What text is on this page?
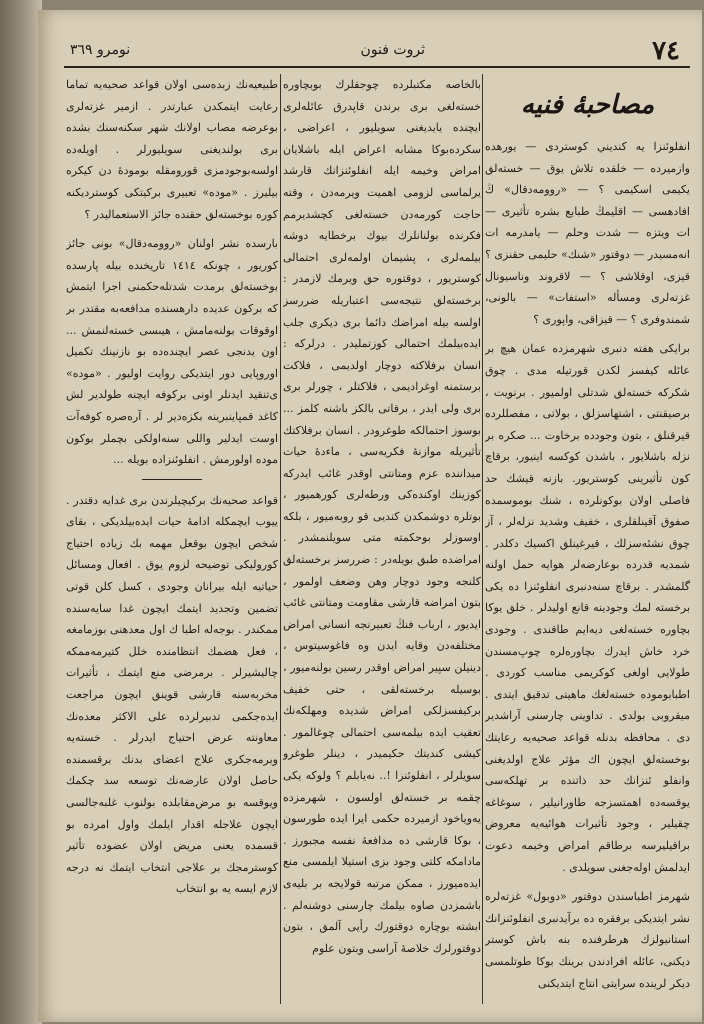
٧٤
ثروت فنون
نومرو ٣٦٩
مصاحبهٔ فنیه

انفلوئنزا يه كنديني كوستردى — يورهده وازميرده — خلقده تلاش يوق — خسته‌لق يكيمى اسكيمى ؟ — «روومه‌دقال» ڭ افادهسى — اقليمڭ طبايع بشره تأثيرى — ات ويتزه — شدت وحلم — يامدرمه ات انه‌مسيدر — دوقتور «شنك» حليمى حقنزى ؟ قيزى، اوقلاشى ؟ — لاقروند وناسيونال غزته‌لرى ومسأله‌ «استفات» — بالونى، شمندوفرى ؟ — قيزاقى، واپورى ؟

برايكى هفته دنبرى شهرمزده عمان هيچ بر عائله كيفسز لكدن قورتيله مدى . چوق شكركه خسته‌لق شدتلى اولميور . برنويت ، برصيقنتى ، اشتهاسزلق ، بولاتى ، مفصللرده قيرقنلق ، بتون وجودده برخاوت ... صكره بر نزله باشلايور ، باشدن كوكسه اينيور، برقاچ كون تأثيرينى كوستريور. بازنه قيشك حد فاصلى اولان بوكونلرده ، شنك بوموسمده صفوق آقينلقلرى ، خفيف وشديد نزله‌لر ، آز چوق نشئه‌سزلك ، قيرغينلق اكسيك دكلدر . شمديه قدرده بوعارضه‌لر هوايه حمل اولنه گلمشدر . برقاچ سنه‌دنبرى انفلوئنزا ده يكى برخسته لمك وجودينه قانع اوليدلر . خلق يوكا بچاوره خسته‌لغى ديه‌ايم طاقندى . وجودى خرد خاش ايدرك بچاوره‌لره چوپ‌مسندن طولايى اولغى كوكريمى مناسب كوردى . اطبابوموده خسته‌لغك ماهيتى تدقيق ايتدى . ميقروبى بولدى . تداوينى چارسنى آراشدير دى . محافظه بدنله قواعد صحيه‌يه رعايتك بوخسته‌لق ايچون اك مؤثر علاج اولديغنى وانفلو ئنزانك حد ذاتنده بر تهلكه‌سى يوقسه‌ده اهمتسزجه طاورانيلير ، سوغاغه چقيلير ، وجود تأثيرات هوائيه‌يه معروض براقيليرسه برطاقم امراض وخيمه دعوت ايدلمش اوله‌جغنى سويلدى .

شهرمز اطباسندن دوقتور «دوبول» غزته‌لره نشر ايتديكى برفقره ده برآيدنبرى انفلوئنزانك استانبولزك هرطرفنده بنه باش كوستر ديكنى، عائله افرادندن برينك بوكا طوتلمسى ديكر لرينده سرايتى انتاج ايتديكنى

بالخاصه مكتبلرده چوجقلرك بوبچاوره خسته‌لغى برى برندن قاپدرق عائله‌لرى ايچنده يايديغنى سويليور ، اعراضى ، سكرده‌بوكا مشابه اعراض ايله باشلايان امراض وخيمه ايله انفلوئنزانك قارشد يرلماسى لزومى اهميت ويرمه‌دن ، وقته حاجت كورمه‌دن خسته‌لغى كچشديرمم فكرنده بولنانلرك بيوك برخطايه دوشه بيلمه‌لرى ، پشيمان اولمه‌لرى احتمالى كوستريور ، دوقتوره حق ويرمك لازمدر : برخسته‌لق نتيجه‌سى اعتباريله ضررسز اولسه بيله امراضك دائما برى ديكرى جلب ايده‌بيلمك احتمالى كوزتمليدر . درلركه : انسان برفلاكته دوچار اولديمى ، فلاكت برستمنه اوغراديمى ، فلاكتلر ، چورلر برى برى ولى ايدر ، برقاتى بالكز باشنه كلمز ... بوسوز احتمالكه طوغرودر . انسان برفلاكتك تأثيريله موازنهٔ فكريه‌سى ، ماءدهٔ حيات ميداننده عزم ومتانتى اوقدر غائب ايدركه كوزينك اوكنده‌كى ورطه‌لرى كورهميور ، بوتلره دوشمكدن كنديى قو روبه‌ميور ، بلكه اوسوزلر بوحكمته متى سويلنمشدر . امراضده طبق بويله‌در : ضررسز برخسته‌لق كلنجه وجود دوچار وهن وضعف اولمور ، بتون امراضه قارشى مقاومت ومتانتى غائب ايديور ، ارباب فنڭ تعبيرنجه انسانى امراض مختلفه‌دن وقايه ايدن وه فاغوسيتوس ، دينيلن سپير امراض اوقدر رسين بولنه‌ميور ، بوسيله برخسته‌لقى ، حتى خفيف بركيفسزلكى امراض شديده ومهلكه‌نك تعقيب ايده بيلمه‌سى احتمالى چوغالمور . كيشى كنديتك حكيميدر ، دينلر طوغرو سويلرلر ، انفلوئنزا !.. نه‌يابلم ؟ ولوكه يكى چقمه بر خسته‌لق اولسون ، شهرمزده يه‌وياخود ازميرده حكمى ايرا ايده طورسون ، بوكا قارشى ده مدافعهٔ نفسه مجبورز . مادامكه كلتى وجود بزى استيلا ايلمسى منع ايده‌ميورز ، ممكن مرتبه قولايجه بر بليه‌ى باشمزدن صاوه بيلمك چارسنى دوشنه‌لم . ابشته بوچاره دوقتورك رأيى آلمق ، بتون دوقتورلرك خلاصهٔ آراسى وبتون علوم

طبيعيه‌نك زبده‌سى اولان قواعد صحيه‌يه تماما رعايت ايتمكدن عبارتدر . ازمير غزته‌لرى بوعرضه مصاب اولانك شهر سكنه‌سنك بشده برى بولنديغنى سويليورلر . اويله‌ده اولسه‌بوجودمزى قورومقله بومودهٔ دن كيكره بيليرز . «موده» تعبيرى بركيتكى كوسترديكنه كوره بوخسته‌لق حقنده جائز الاستعماليدر ؟

بارسده نشر اولنان «روومه‌دقال» بونى جائز كوريور ، چونكه ١٤١٤ تاريخنده بيله پارسده بوخسته‌لق برمدت شدتله‌حكمنى اجرا ايتمش كه بركون عديده دارهسنده مدافعه‌به مقتدر بر اوقوقات بولنه‌مامش ، هيىسى خسته‌لنمش ... اون يدنجى عصر ايچنده‌ده بو نازنينك تكميل اوروپايى دور ايتديكى روايت اوليور . «موده» ى‌تنقيد ايدنلر اونى بركوفه ايچنه طولدير لش كاغد قمپاينبرينه بكزه‌دير لر . آره‌صره كوفه‌آت اوست ايدلير واللى سنه‌اولكى بچملر بوكون موده اولورمش . انفلوئنزاده بويله ...

قواعد صحيه‌نك بركيچيلرندن برى غدايه دقتدر . ييوب ايچمكله ادامهٔ حيات ايده‌بيلديكى ، بقاى شخص ايچون بوقعل مهمه بك زياده احتياج كوروليكى توضيحه لزوم يوق . افعال ومسائل حياتيه ايله بيرانان وجودى ، كسل كلن قوتى تضمين وتجديد ايتمك ايچون غدا سايه‌سنده ممكندر . بوجه‌له اطبا ك اول معدهنى بوزمامغه ، فعل هضمك انتظامنده خلل كتيرمه‌ممكه چاليشيرلر . برمرضى منع ايتمك ، تأثيرات مخربه‌سنه قارشى قوينق ايچون مراجعت ايده‌جكمى تدبيرلرده على الاكثر معده‌نك معاونته عرض احتياج ايدرلر . خسته‌يه وبرمه‌جكرى علاج اعضاى بدنك برقسمنده حاصل اولان عارضه‌نك توسعه سد چكمك ويوقسه بو مرض‌مقابلده بولنوب غلبه‌جالسى ايچون علاجله اقدار ايلمك واول امرده بو قسمده يعنى مريض اولان عضوده تأثير كوسترمجك بر علاجى انتخاب ايتمك نه درجه لازم ايسه يه بو انتخاب
